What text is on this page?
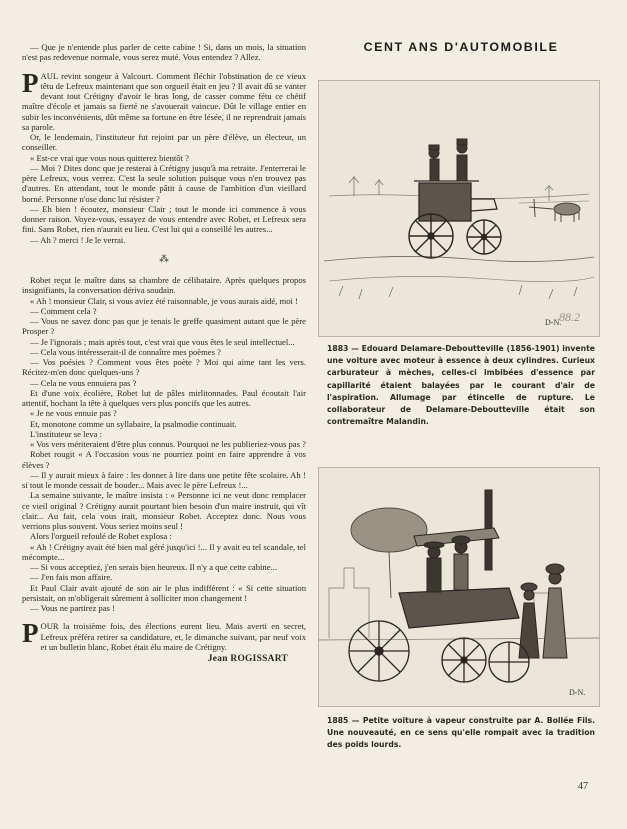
— Que je n'entende plus parler de cette cabine ! Si, dans un mois, la situation n'est pas redevenue normale, vous serez muté. Vous entendez ? Allez.

PAUL revint songeur à Valcourt. Comment fléchir l'obstination de ce vieux têtu de Lefreux maintenant que son orgueil était en jeu ? Il avait dû se vanter devant tout Crétigny d'avoir le bras long, de casser comme fétu ce chétif maître d'école et jamais sa fierté ne s'avouerait vaincue. Dût le village entier en subir les inconvénients, dût même sa fortune en être lésée, il ne reprendrait jamais sa parole.

Or, le lendemain, l'instituteur fut rejoint par un père d'élève, un électeur, un conseiller.

« Est-ce vrai que vous nous quitterez bientôt ?

— Moi ? Dites donc que je resterai à Crétigny jusqu'à ma retraite. J'enterrerai le père Lefreux, vous verrez. C'est la seule solution puisque vous n'en trouvez pas d'autres. En attendant, tout le monde pâtit à cause de l'ambition d'un vieillard borné. Personne n'ose donc lui résister ?

— Eh bien ! écoutez, monsieur Clair ; tout le monde ici commence à vous donner raison. Voyez-vous, essayez de vous entendre avec Robet, et Lefreux sera fini. Sans Robet, rien n'aurait eu lieu. C'est lui qui a conseillé les autres...

— Ah ? merci ! Je le verrai.

⁂

Robet reçut le maître dans sa chambre de célibataire. Après quelques propos insignifiants, la conversation dériva soudain.

« Ah ! monsieur Clair, si vous aviez été raisonnable, je vous aurais aidé, moi !

— Comment cela ?

— Vous ne savez donc pas que je tenais le greffe quasiment autant que le père Prosper ?

— Je l'ignorais ; mais après tout, c'est vrai que vous êtes le seul intellectuel...

— Cela vous intéresserait-il de connaître mes poèmes ?

— Vos poésies ? Comment vous êtes poète ? Moi qui aime tant les vers. Récitez-m'en donc quelques-uns ?

— Cela ne vous ennuiera pas ?

Et d'une voix écolière, Robet lut de pâles mirlitonnades. Paul écoutait l'air attentif, hochant la tête à quelques vers plus poncifs que les autres.

« Je ne vous ennuie pas ?

Et, monotone comme un syllabaire, la psalmodie continuait.

L'instituteur se leva :

« Vos vers mériteraient d'être plus connus. Pourquoi ne les publieriez-vous pas ?

Robet rougit « A l'occasion vous ne pourriez point en faire apprendre à vos élèves ?

— Il y aurait mieux à faire : les donner à lire dans une petite fête scolaire. Ah ! si tout le monde cessait de bouder... Mais avec le père Lefreux !...

La semaine suivante, le maître insista : « Personne ici ne veut donc remplacer ce vieil original ? Crétigny aurait pourtant bien besoin d'un maire instruit, qui vît clair... Au fait, cela vous irait, monsieur Robet. Acceptez donc. Nous vous verrions plus souvent. Vous seriez moins seul !

Alors l'orgueil refoulé de Robet explosa :

« Ah ! Crétigny avait été bien mal géré jusqu'ici !... Il y avait eu tel scandale, tel mécompte...

— Si vous acceptiez, j'en serais bien heureux. Il n'y a que cette cabine...

— J'en fais mon affaire.

Et Paul Clair avait ajouté de son air le plus indifférent : « Si cette situation persistait, on m'obligerait sûrement à solliciter mon changement !

— Vous ne partirez pas !

POUR la troisième fois, des élections eurent lieu. Mais averti en secret, Lefreux préféra retirer sa candidature, et, le dimanche suivant, par neuf voix et un bulletin blanc, Robet était élu maire de Crétigny.

Jean ROGISSART
CENT ANS D'AUTOMOBILE
D-N.
88.2
1883 — Edouard Delamare-Deboutteville (1856-1901) invente une voiture avec moteur à essence à deux cylindres. Curieux carburateur à mèches, celles-ci imbibées d'essence par capillarité étaient balayées par le courant d'air de l'aspiration. Allumage par étincelle de rupture. Le collaborateur de Delamare-Deboutteville était son contremaître Malandin.
D-N.
1885 — Petite voiture à vapeur construite par A. Bollée Fils. Une nouveauté, en ce sens qu'elle rompait avec la tradition des poids lourds.
47
